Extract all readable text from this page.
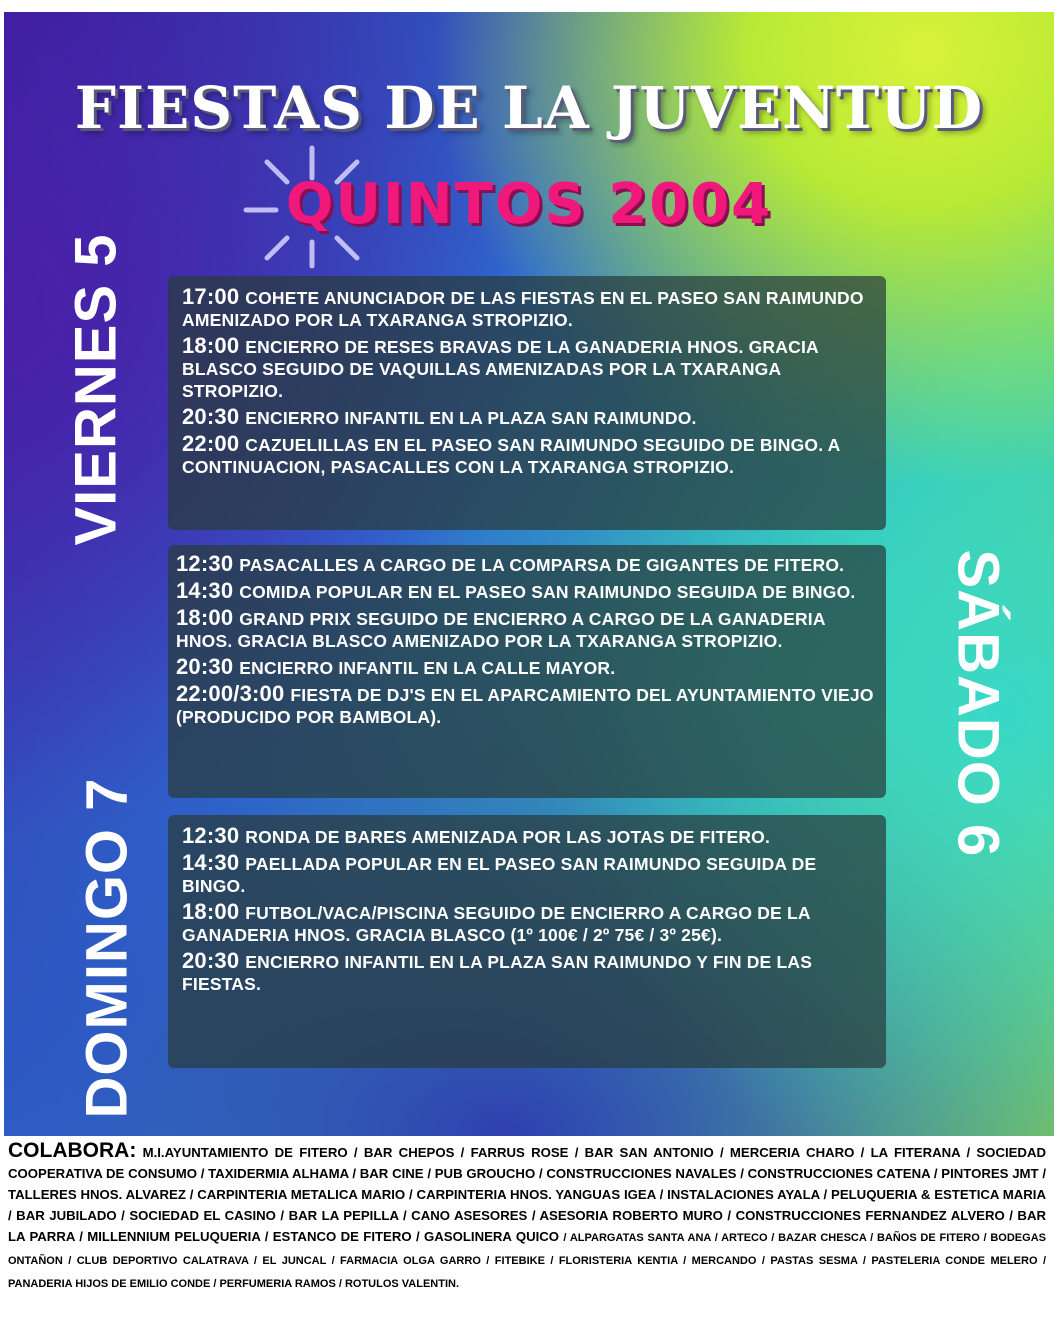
FIESTAS DE LA JUVENTUD
QUINTOS 2004
VIERNES 5
SÁBADO 6
DOMINGO 7

17:00 COHETE ANUNCIADOR DE LAS FIESTAS EN EL PASEO SAN RAIMUNDO AMENIZADO POR LA TXARANGA STROPIZIO.

18:00 ENCIERRO DE RESES BRAVAS DE LA GANADERIA HNOS. GRACIA BLASCO SEGUIDO DE VAQUILLAS AMENIZADAS POR LA TXARANGA STROPIZIO.

20:30 ENCIERRO INFANTIL EN LA PLAZA SAN RAIMUNDO.

22:00 CAZUELILLAS EN EL PASEO SAN RAIMUNDO SEGUIDO DE BINGO. A CONTINUACION, PASACALLES CON LA TXARANGA STROPIZIO.

12:30 PASACALLES A CARGO DE LA COMPARSA DE GIGANTES DE FITERO.

14:30 COMIDA POPULAR EN EL PASEO SAN RAIMUNDO SEGUIDA DE BINGO.

18:00 GRAND PRIX SEGUIDO DE ENCIERRO A CARGO DE LA GANADERIA HNOS. GRACIA BLASCO AMENIZADO POR LA TXARANGA STROPIZIO.

20:30 ENCIERRO INFANTIL EN LA CALLE MAYOR.

22:00/3:00 FIESTA DE DJ'S EN EL APARCAMIENTO DEL AYUNTAMIENTO VIEJO (PRODUCIDO POR BAMBOLA).

12:30 RONDA DE BARES AMENIZADA POR LAS JOTAS DE FITERO.

14:30 PAELLADA POPULAR EN EL PASEO SAN RAIMUNDO SEGUIDA DE BINGO.

18:00 FUTBOL/VACA/PISCINA SEGUIDO DE ENCIERRO A CARGO DE LA GANADERIA HNOS. GRACIA BLASCO (1º 100€ / 2º 75€ / 3º 25€).

20:30 ENCIERRO INFANTIL EN LA PLAZA SAN RAIMUNDO Y FIN DE LAS FIESTAS.

COLABORA: M.I.AYUNTAMIENTO DE FITERO / BAR CHEPOS / FARRUS ROSE / BAR SAN ANTONIO / MERCERIA CHARO / LA FITERANA / SOCIEDAD COOPERATIVA DE CONSUMO / TAXIDERMIA ALHAMA / BAR CINE / PUB GROUCHO / CONSTRUCCIONES NAVALES / CONSTRUCCIONES CATENA / PINTORES JMT / TALLERES HNOS. ALVAREZ / CARPINTERIA METALICA MARIO / CARPINTERIA HNOS. YANGUAS IGEA / INSTALACIONES AYALA / PELUQUERIA & ESTETICA MARIA / BAR JUBILADO / SOCIEDAD EL CASINO / BAR LA PEPILLA / CANO ASESORES / ASESORIA ROBERTO MURO / CONSTRUCCIONES FERNANDEZ ALVERO / BAR LA PARRA / MILLENNIUM PELUQUERIA / ESTANCO DE FITERO / GASOLINERA QUICO / ALPARGATAS SANTA ANA / ARTECO / BAZAR CHESCA / BAÑOS DE FITERO / BODEGAS ONTAÑON / CLUB DEPORTIVO CALATRAVA / EL JUNCAL / FARMACIA OLGA GARRO / FITEBIKE / FLORISTERIA KENTIA / MERCANDO / PASTAS SESMA / PASTELERIA CONDE MELERO / PANADERIA HIJOS DE EMILIO CONDE / PERFUMERIA RAMOS / ROTULOS VALENTIN.
